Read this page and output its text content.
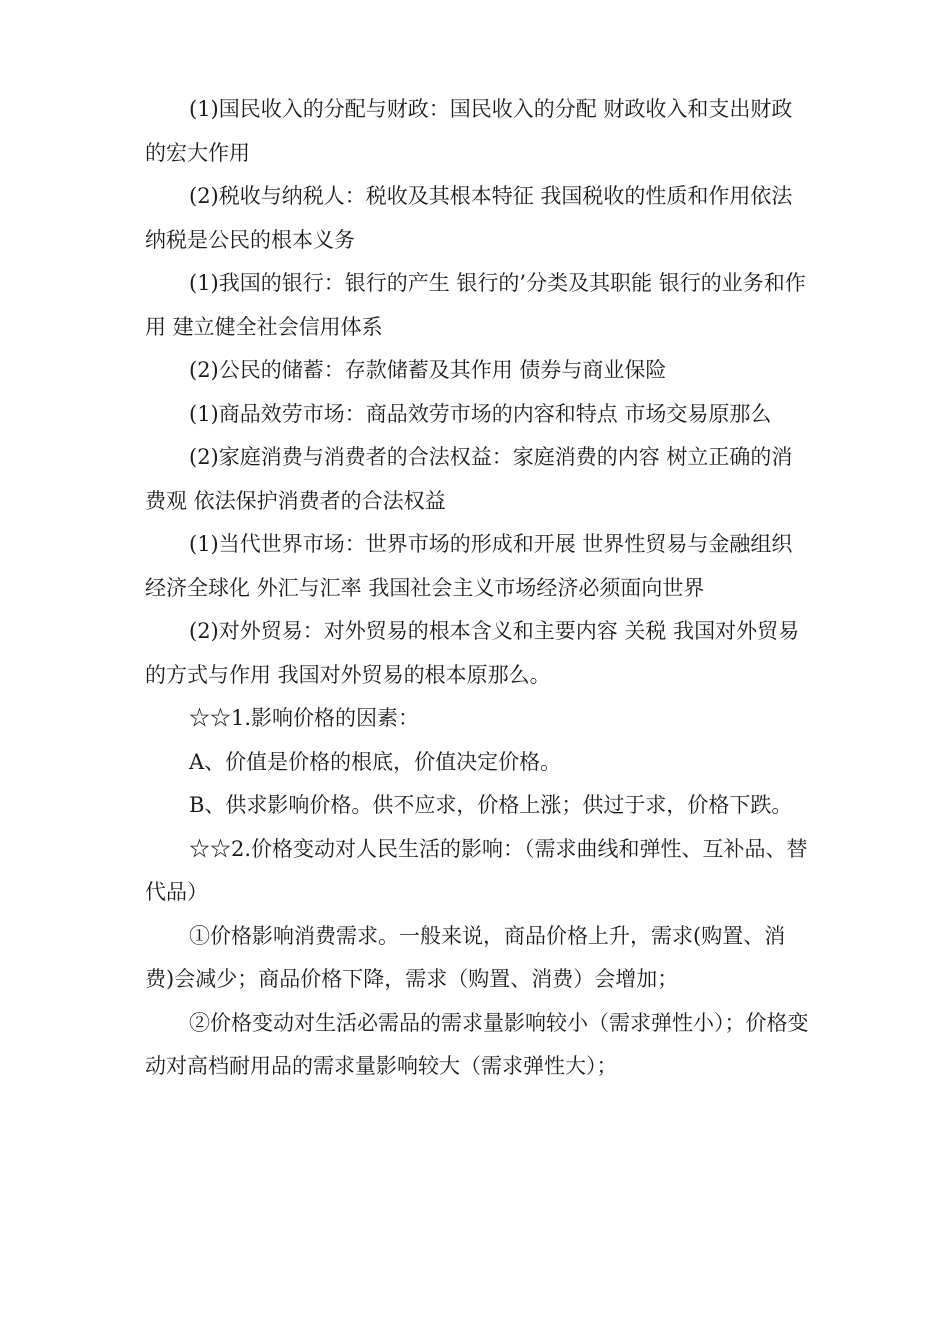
(1)国民收入的分配与财政：国民收入的分配 财政收入和支出财政的宏大作用

(2)税收与纳税人：税收及其根本特征 我国税收的性质和作用依法纳税是公民的根本义务

(1)我国的银行：银行的产生 银行的’分类及其职能 银行的业务和作用 建立健全社会信用体系

(2)公民的储蓄：存款储蓄及其作用 债券与商业保险

(1)商品效劳市场：商品效劳市场的内容和特点 市场交易原那么

(2)家庭消费与消费者的合法权益：家庭消费的内容 树立正确的消费观 依法保护消费者的合法权益

(1)当代世界市场：世界市场的形成和开展 世界性贸易与金融组织 经济全球化 外汇与汇率 我国社会主义市场经济必须面向世界

(2)对外贸易：对外贸易的根本含义和主要内容 关税 我国对外贸易的方式与作用 我国对外贸易的根本原那么。

☆☆1.影响价格的因素：

A、价值是价格的根底，价值决定价格。

B、供求影响价格。供不应求，价格上涨；供过于求，价格下跌。

☆☆2.价格变动对人民生活的影响：（需求曲线和弹性、互补品、替代品）

①价格影响消费需求。一般来说，商品价格上升，需求(购置、消费)会减少；商品价格下降，需求（购置、消费）会增加；

②价格变动对生活必需品的需求量影响较小（需求弹性小）；价格变动对高档耐用品的需求量影响较大（需求弹性大）；
